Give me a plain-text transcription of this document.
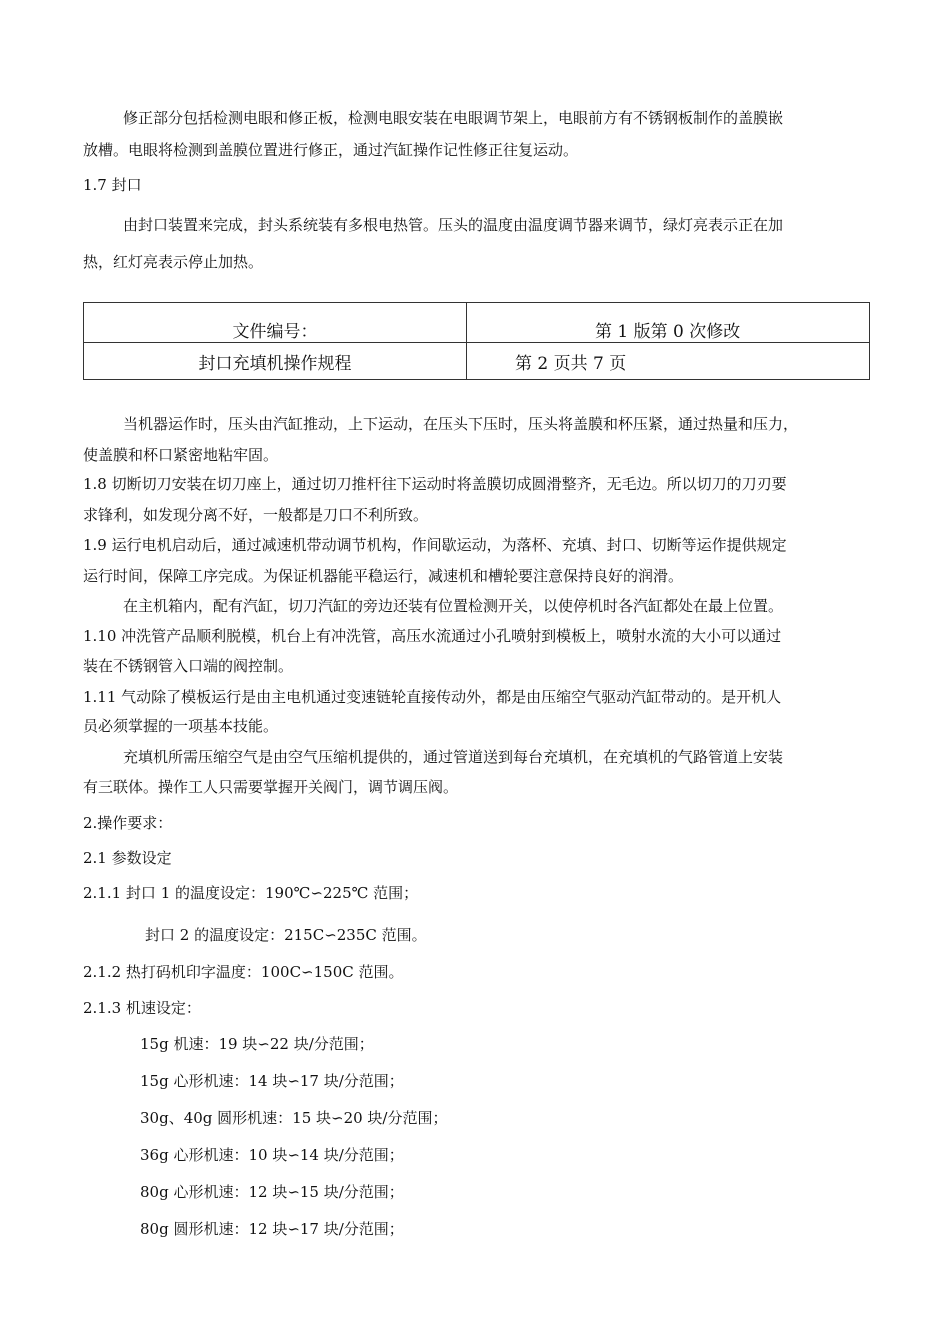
修正部分包括检测电眼和修正板，检测电眼安装在电眼调节架上，电眼前方有不锈钢板制作的盖膜嵌
放槽。电眼将检测到盖膜位置进行修正，通过汽缸操作记性修正往复运动。
1.7 封口
由封口装置来完成，封头系统装有多根电热管。压头的温度由温度调节器来调节，绿灯亮表示正在加
热，红灯亮表示停止加热。
文件编号：	第 1 版第 0 次修改
封口充填机操作规程	第 2 页共 7 页
当机器运作时，压头由汽缸推动，上下运动，在压头下压时，压头将盖膜和杯压紧，通过热量和压力，
使盖膜和杯口紧密地粘牢固。
1.8 切断切刀安装在切刀座上，通过切刀推杆往下运动时将盖膜切成圆滑整齐，无毛边。所以切刀的刀刃要
求锋利，如发现分离不好，一般都是刀口不利所致。
1.9 运行电机启动后，通过减速机带动调节机构，作间歇运动，为落杯、充填、封口、切断等运作提供规定
运行时间，保障工序完成。为保证机器能平稳运行，减速机和槽轮要注意保持良好的润滑。
在主机箱内，配有汽缸，切刀汽缸的旁边还装有位置检测开关，以使停机时各汽缸都处在最上位置。
1.10 冲洗管产品顺利脱模，机台上有冲洗管，高压水流通过小孔喷射到模板上，喷射水流的大小可以通过
装在不锈钢管入口端的阀控制。
1.11 气动除了模板运行是由主电机通过变速链轮直接传动外，都是由压缩空气驱动汽缸带动的。是开机人
员必须掌握的一项基本技能。
充填机所需压缩空气是由空气压缩机提供的，通过管道送到每台充填机，在充填机的气路管道上安装
有三联体。操作工人只需要掌握开关阀门，调节调压阀。
2.操作要求：
2.1 参数设定
2.1.1 封口 1 的温度设定：190℃∽225℃ 范围；
封口 2 的温度设定：215C∽235C 范围。
2.1.2 热打码机印字温度：100C∽150C 范围。
2.1.3 机速设定：
15g 机速：19 块∽22 块/分范围；
15g 心形机速：14 块∽17 块/分范围；
30g、40g 圆形机速：15 块∽20 块/分范围；
36g 心形机速：10 块∽14 块/分范围；
80g 心形机速：12 块∽15 块/分范围；
80g 圆形机速：12 块∽17 块/分范围；
